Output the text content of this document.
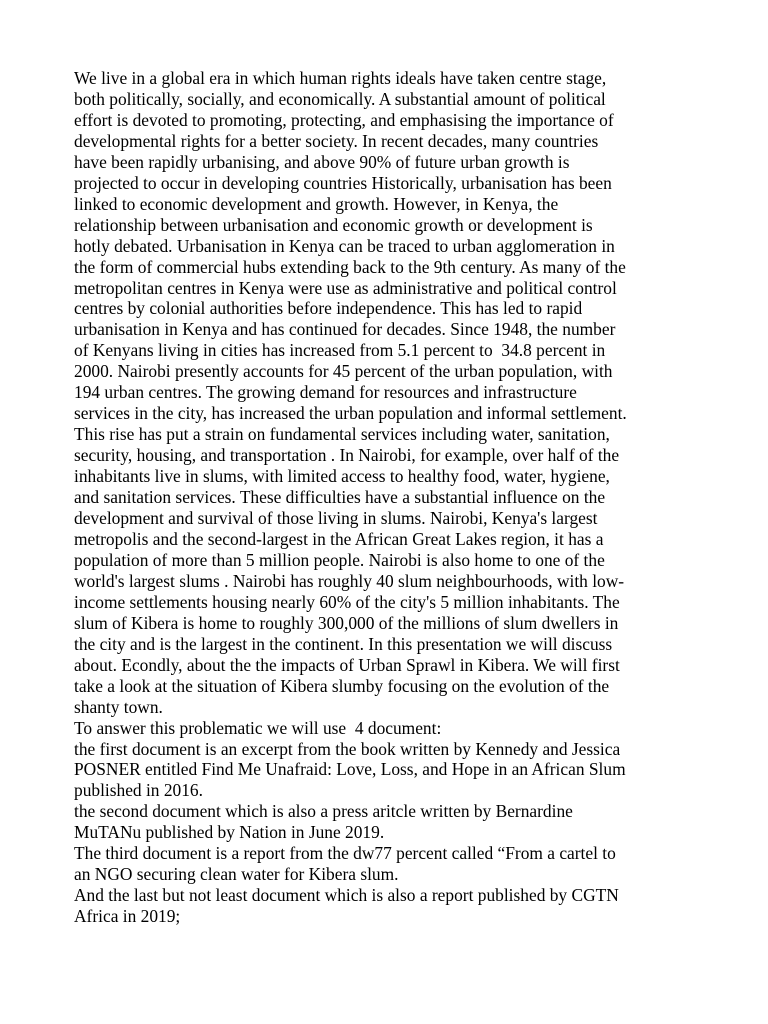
We live in a global era in which human rights ideals have taken centre stage,
both politically, socially, and economically. A substantial amount of political
effort is devoted to promoting, protecting, and emphasising the importance of
developmental rights for a better society. In recent decades, many countries
have been rapidly urbanising, and above 90% of future urban growth is
projected to occur in developing countries Historically, urbanisation has been
linked to economic development and growth. However, in Kenya, the
relationship between urbanisation and economic growth or development is
hotly debated. Urbanisation in Kenya can be traced to urban agglomeration in
the form of commercial hubs extending back to the 9th century. As many of the
metropolitan centres in Kenya were use as administrative and political control
centres by colonial authorities before independence. This has led to rapid
urbanisation in Kenya and has continued for decades. Since 1948, the number
of Kenyans living in cities has increased from 5.1 percent to  34.8 percent in
2000. Nairobi presently accounts for 45 percent of the urban population, with
194 urban centres. The growing demand for resources and infrastructure
services in the city, has increased the urban population and informal settlement.
This rise has put a strain on fundamental services including water, sanitation,
security, housing, and transportation . In Nairobi, for example, over half of the
inhabitants live in slums, with limited access to healthy food, water, hygiene,
and sanitation services. These difficulties have a substantial influence on the
development and survival of those living in slums. Nairobi, Kenya's largest
metropolis and the second-largest in the African Great Lakes region, it has a
population of more than 5 million people. Nairobi is also home to one of the
world's largest slums . Nairobi has roughly 40 slum neighbourhoods, with low-
income settlements housing nearly 60% of the city's 5 million inhabitants. The
slum of Kibera is home to roughly 300,000 of the millions of slum dwellers in
the city and is the largest in the continent. In this presentation we will discuss
about. Econdly, about the the impacts of Urban Sprawl in Kibera. We will first
take a look at the situation of Kibera slumby focusing on the evolution of the
shanty town.
To answer this problematic we will use  4 document:
the first document is an excerpt from the book written by Kennedy and Jessica
POSNER entitled Find Me Unafraid: Love, Loss, and Hope in an African Slum
published in 2016.
the second document which is also a press aritcle written by Bernardine
MuTANu published by Nation in June 2019.
The third document is a report from the dw77 percent called “From a cartel to
an NGO securing clean water for Kibera slum.
And the last but not least document which is also a report published by CGTN
Africa in 2019;
